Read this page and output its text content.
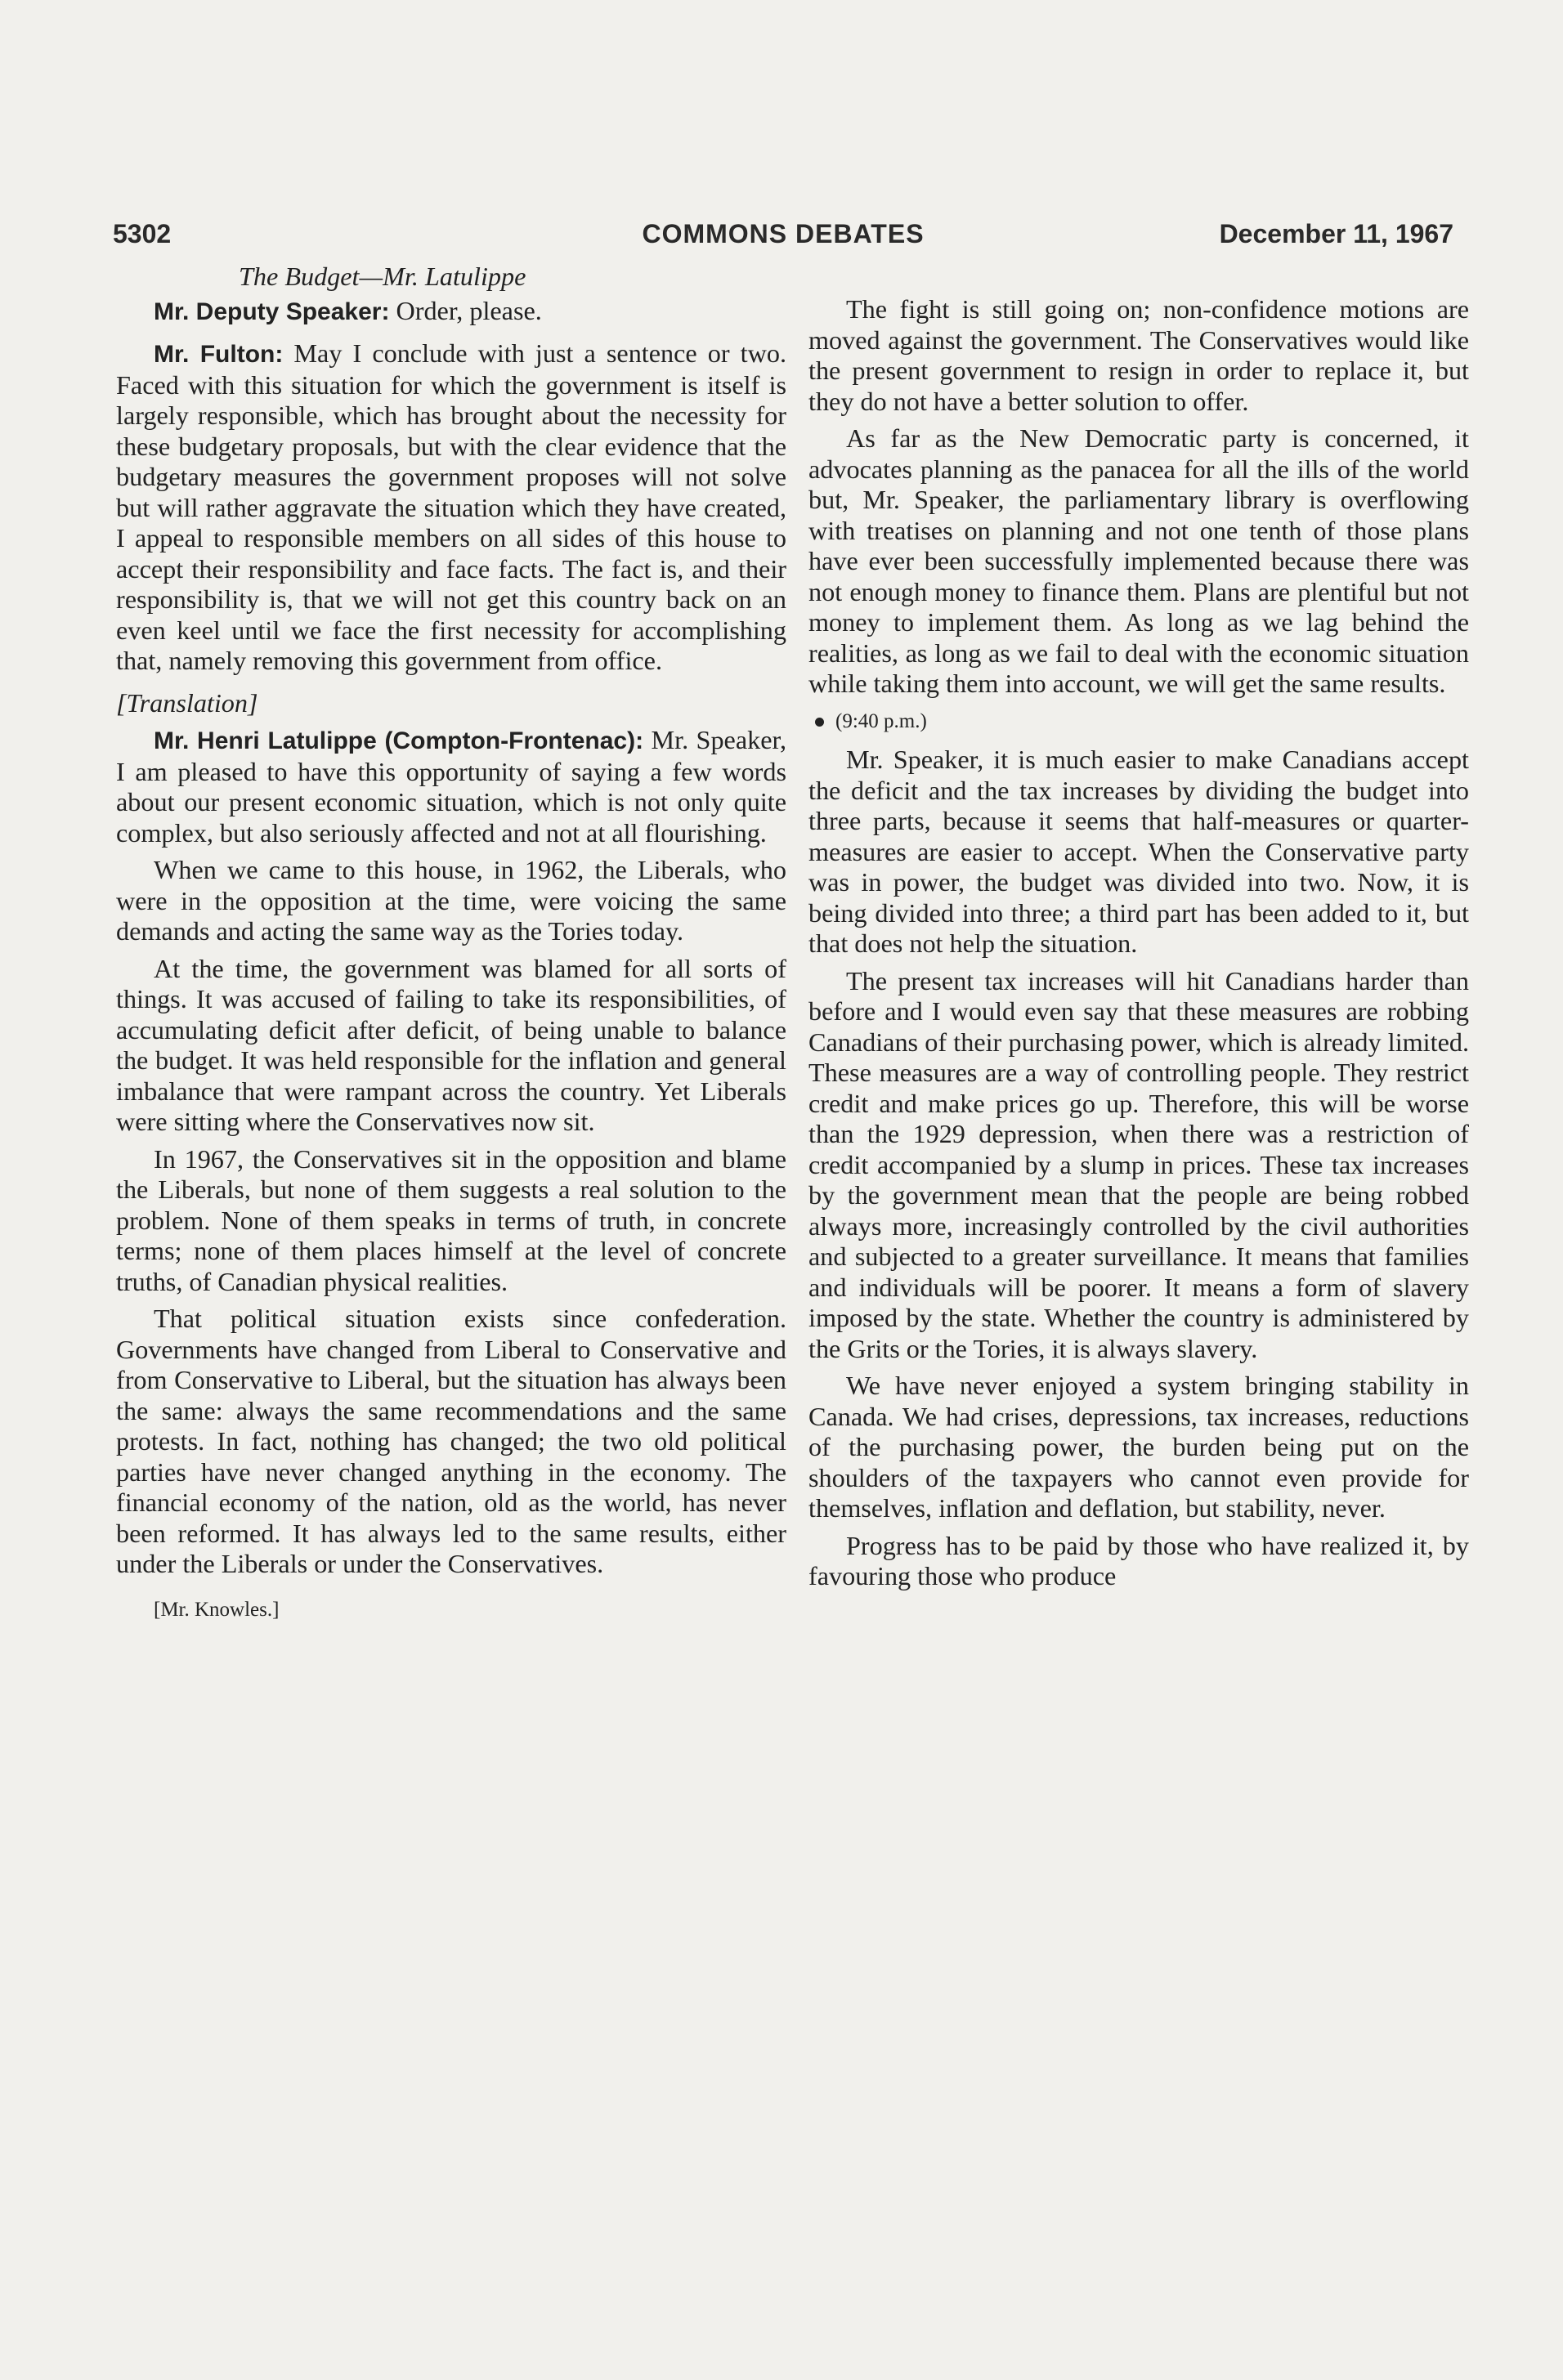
5302	COMMONS DEBATES	December 11, 1967

The Budget—Mr. Latulippe

Mr. Deputy Speaker: Order, please.

Mr. Fulton: May I conclude with just a sentence or two. Faced with this situation for which the government is itself is largely responsible, which has brought about the necessity for these budgetary proposals, but with the clear evidence that the budgetary measures the government proposes will not solve but will rather aggravate the situation which they have created, I appeal to responsible members on all sides of this house to accept their responsibility and face facts. The fact is, and their responsibility is, that we will not get this country back on an even keel until we face the first necessity for accomplishing that, namely removing this government from office.

[Translation]

Mr. Henri Latulippe (Compton-Frontenac): Mr. Speaker, I am pleased to have this opportunity of saying a few words about our present economic situation, which is not only quite complex, but also seriously affected and not at all flourishing.

When we came to this house, in 1962, the Liberals, who were in the opposition at the time, were voicing the same demands and acting the same way as the Tories today.

At the time, the government was blamed for all sorts of things. It was accused of failing to take its responsibilities, of accumulating deficit after deficit, of being unable to balance the budget. It was held responsible for the inflation and general imbalance that were rampant across the country. Yet Liberals were sitting where the Conservatives now sit.

In 1967, the Conservatives sit in the opposition and blame the Liberals, but none of them suggests a real solution to the problem. None of them speaks in terms of truth, in concrete terms; none of them places himself at the level of concrete truths, of Canadian physical realities.

That political situation exists since confederation. Governments have changed from Liberal to Conservative and from Conservative to Liberal, but the situation has always been the same: always the same recommendations and the same protests. In fact, nothing has changed; the two old political parties have never changed anything in the economy. The financial economy of the nation, old as the world, has never been reformed. It has always led to the same results, either under the Liberals or under the Conservatives.

[Mr. Knowles.]

The fight is still going on; non-confidence motions are moved against the government. The Conservatives would like the present government to resign in order to replace it, but they do not have a better solution to offer.

As far as the New Democratic party is concerned, it advocates planning as the panacea for all the ills of the world but, Mr. Speaker, the parliamentary library is overflowing with treatises on planning and not one tenth of those plans have ever been successfully implemented because there was not enough money to finance them. Plans are plentiful but not money to implement them. As long as we lag behind the realities, as long as we fail to deal with the economic situation while taking them into account, we will get the same results.

(9:40 p.m.)

Mr. Speaker, it is much easier to make Canadians accept the deficit and the tax increases by dividing the budget into three parts, because it seems that half-measures or quarter-measures are easier to accept. When the Conservative party was in power, the budget was divided into two. Now, it is being divided into three; a third part has been added to it, but that does not help the situation.

The present tax increases will hit Canadians harder than before and I would even say that these measures are robbing Canadians of their purchasing power, which is already limited. These measures are a way of controlling people. They restrict credit and make prices go up. Therefore, this will be worse than the 1929 depression, when there was a restriction of credit accompanied by a slump in prices. These tax increases by the government mean that the people are being robbed always more, increasingly controlled by the civil authorities and subjected to a greater surveillance. It means that families and individuals will be poorer. It means a form of slavery imposed by the state. Whether the country is administered by the Grits or the Tories, it is always slavery.

We have never enjoyed a system bringing stability in Canada. We had crises, depressions, tax increases, reductions of the purchasing power, the burden being put on the shoulders of the taxpayers who cannot even provide for themselves, inflation and deflation, but stability, never.

Progress has to be paid by those who have realized it, by favouring those who produce
